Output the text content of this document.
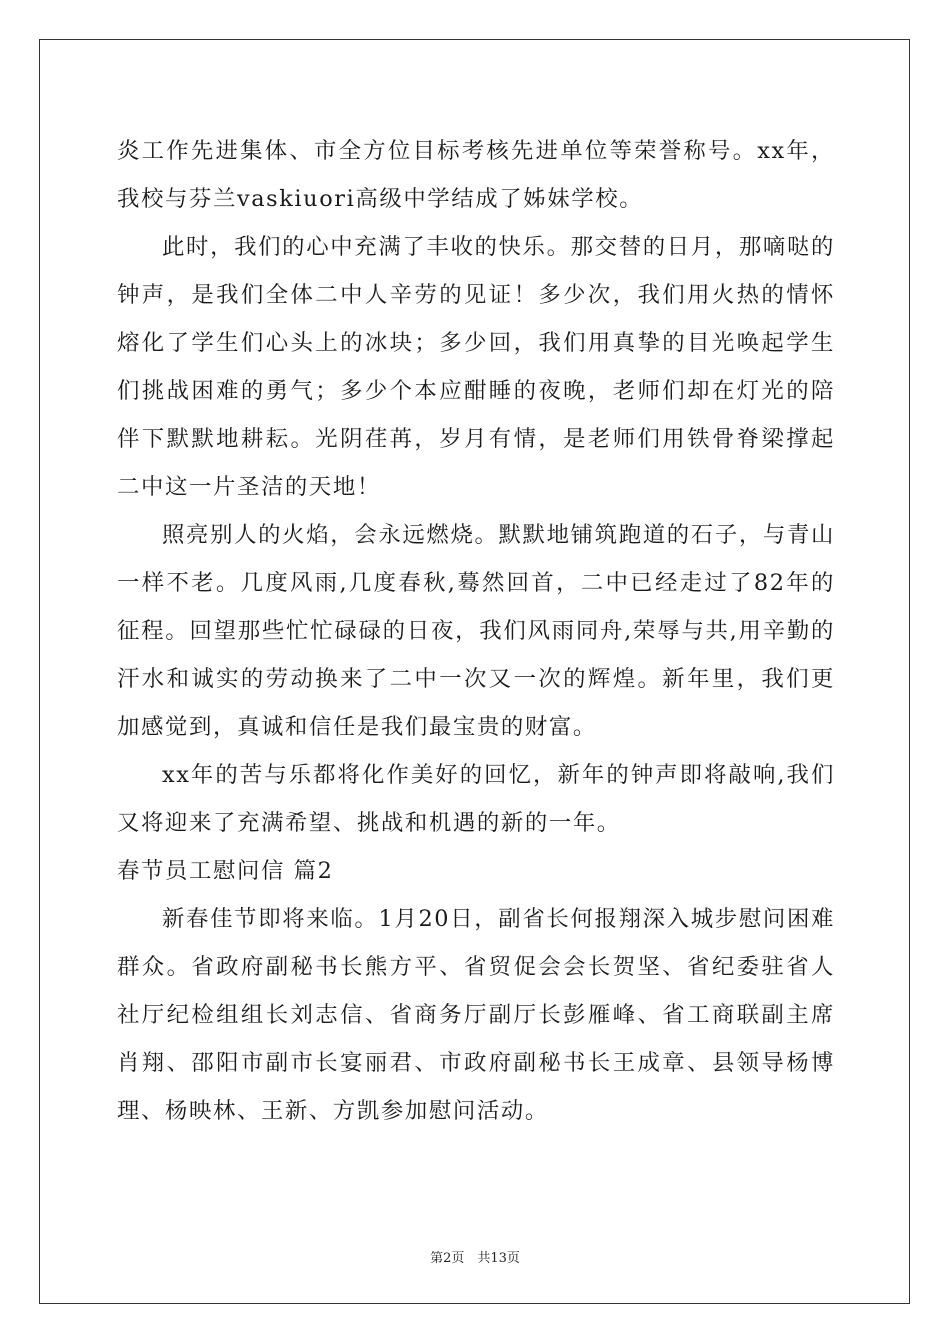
炎工作先进集体、市全方位目标考核先进单位等荣誉称号。xx年，我校与芬兰vaskiuori高级中学结成了姊妹学校。

此时，我们的心中充满了丰收的快乐。那交替的日月，那嘀哒的钟声，是我们全体二中人辛劳的见证！多少次，我们用火热的情怀熔化了学生们心头上的冰块；多少回，我们用真挚的目光唤起学生们挑战困难的勇气；多少个本应酣睡的夜晚，老师们却在灯光的陪伴下默默地耕耘。光阴荏苒，岁月有情，是老师们用铁骨脊梁撑起二中这一片圣洁的天地！

照亮别人的火焰，会永远燃烧。默默地铺筑跑道的石子，与青山一样不老。几度风雨,几度春秋,蓦然回首，二中已经走过了82年的征程。回望那些忙忙碌碌的日夜，我们风雨同舟,荣辱与共,用辛勤的汗水和诚实的劳动换来了二中一次又一次的辉煌。新年里，我们更加感觉到，真诚和信任是我们最宝贵的财富。

xx年的苦与乐都将化作美好的回忆，新年的钟声即将敲响,我们又将迎来了充满希望、挑战和机遇的新的一年。

春节员工慰问信 篇2

新春佳节即将来临。1月20日，副省长何报翔深入城步慰问困难群众。省政府副秘书长熊方平、省贸促会会长贺坚、省纪委驻省人社厅纪检组组长刘志信、省商务厅副厅长彭雁峰、省工商联副主席肖翔、邵阳市副市长宴丽君、市政府副秘书长王成章、县领导杨博理、杨映林、王新、方凯参加慰问活动。

第2页　共13页
